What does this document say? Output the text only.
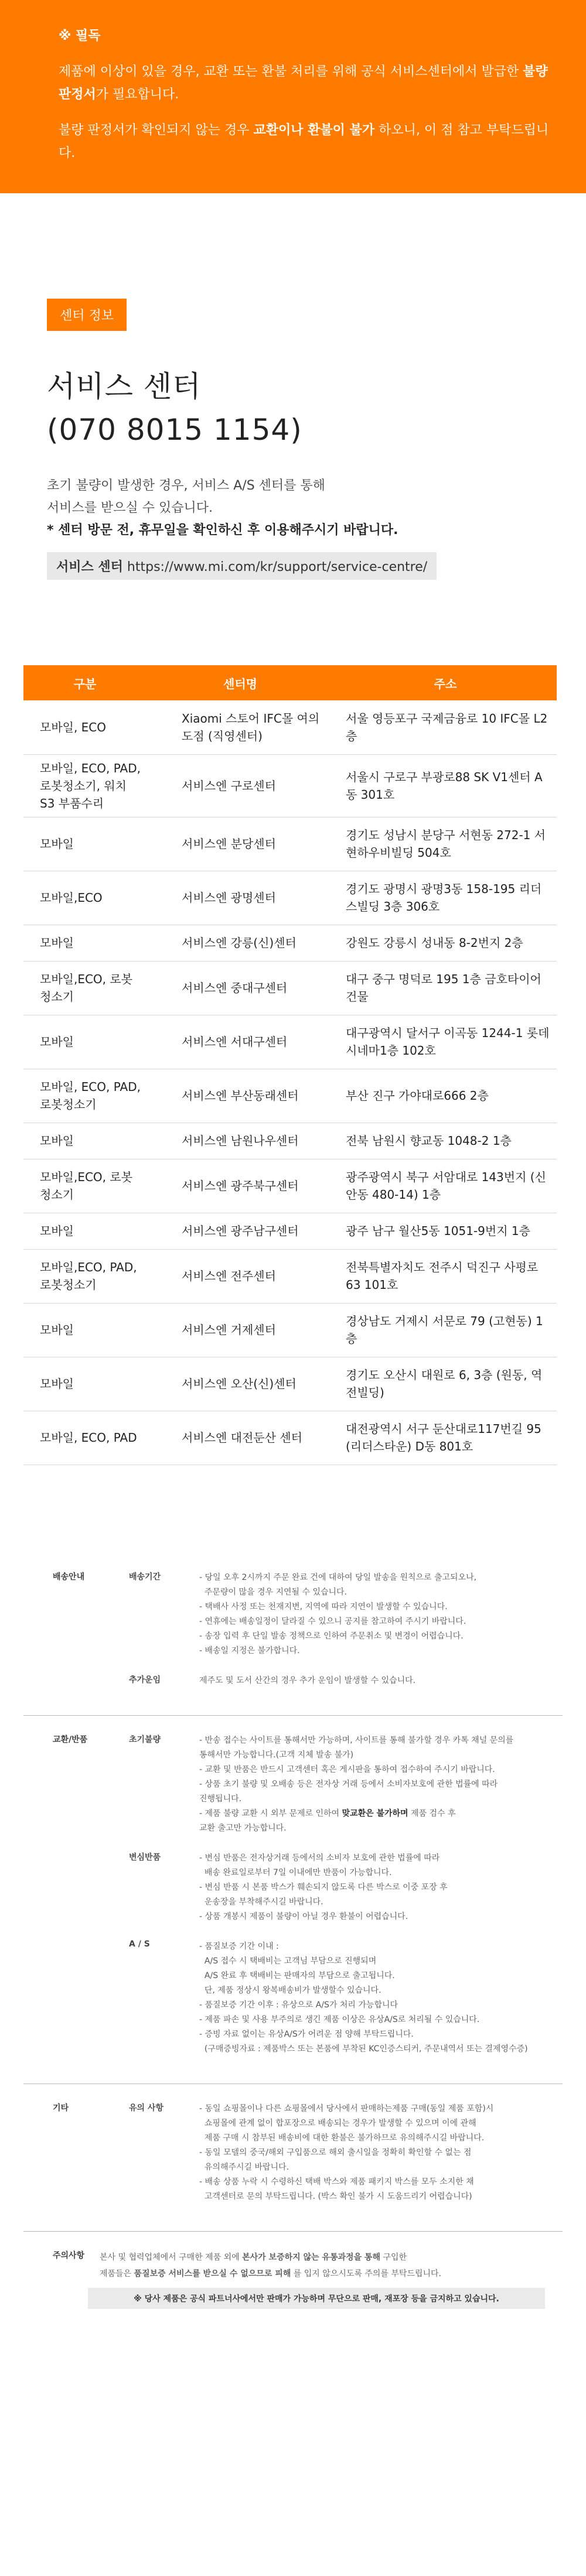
※ 필독

제품에 이상이 있을 경우, 교환 또는 환불 처리를 위해 공식 서비스센터에서 발급한 불량 판정서가 필요합니다.

불량 판정서가 확인되지 않는 경우 교환이나 환불이 불가 하오니, 이 점 참고 부탁드립니다.

센터 정보
서비스 센터
(070 8015 1154)
초기 불량이 발생한 경우, 서비스 A/S 센터를 통해
서비스를 받으실 수 있습니다.
* 센터 방문 전, 휴무일을 확인하신 후 이용해주시기 바랍니다.
서비스 센터 https://www.mi.com/kr/support/service-centre/
구분	센터명	주소
모바일, ECO	Xiaomi 스토어 IFC몰 여의도점 (직영센터)	서울 영등포구 국제금융로 10 IFC몰 L2층
모바일, ECO, PAD, 로봇청소기, 워치S3 부품수리	서비스엔 구로센터	서울시 구로구 부광로88 SK V1센터 A동 301호
모바일	서비스엔 분당센터	경기도 성남시 분당구 서현동 272-1 서현하우비빌딩 504호
모바일,ECO	서비스엔 광명센터	경기도 광명시 광명3동 158-195 리더스빌딩 3층 306호
모바일	서비스엔 강릉(신)센터	강원도 강릉시 성내동 8-2번지 2층
모바일,ECO, 로봇청소기	서비스엔 중대구센터	대구 중구 명덕로 195 1층 금호타이어 건물
모바일	서비스엔 서대구센터	대구광역시 달서구 이곡동 1244-1 롯데시네마1층 102호
모바일, ECO, PAD, 로봇청소기	서비스엔 부산동래센터	부산 진구 가야대로666 2층
모바일	서비스엔 남원나우센터	전북 남원시 향교동 1048-2 1층
모바일,ECO, 로봇청소기	서비스엔 광주북구센터	광주광역시 북구 서암대로 143번지 (신안동 480-14) 1층
모바일	서비스엔 광주남구센터	광주 남구 월산5동 1051-9번지 1층
모바일,ECO, PAD, 로봇청소기	서비스엔 전주센터	전북특별자치도 전주시 덕진구 사평로 63 101호
모바일	서비스엔 거제센터	경상남도 거제시 서문로 79 (고현동) 1층
모바일	서비스엔 오산(신)센터	경기도 오산시 대원로 6, 3층 (원동, 역전빌딩)
모바일, ECO, PAD	서비스엔 대전둔산 센터	대전광역시 서구 둔산대로117번길 95 (리더스타운) D동 801호
배송안내	배송기간	- 당일 오후 2시까지 주문 완료 건에 대하여 당일 발송을 원칙으로 출고되오나,
주문량이 많을 경우 지연될 수 있습니다.
- 택배사 사정 또는 천재지변, 지역에 따라 지연이 발생할 수 있습니다.
- 연휴에는 배송일정이 달라질 수 있으니 공지를 참고하여 주시기 바랍니다.
- 송장 입력 후 단일 발송 정책으로 인하여 주문취소 및 변경이 어렵습니다.
- 배송일 지정은 불가합니다.
추가운임	제주도 및 도서 산간의 경우 추가 운임이 발생할 수 있습니다.
교환/반품	초기불량	- 반송 접수는 사이트를 통해서만 가능하며, 사이트를 통해 불가할 경우 카톡 채널 문의를
통해서만 가능합니다.(고객 지체 발송 불가)
- 교환 및 반품은 반드시 고객센터 혹은 게시판을 통하여 접수하여 주시기 바랍니다.
- 상품 초기 불량 및 오배송 등은 전자상 거래 등에서 소비자보호에 관한 법률에 따라
진행됩니다.
- 제품 불량 교환 시 외부 문제로 인하여 맞교환은 불가하며 제품 검수 후
교환 출고만 가능합니다.
변심반품	- 변심 반품은 전자상거래 등에서의 소비자 보호에 관한 법률에 따라
배송 완료일로부터 7일 이내에만 반품이 가능합니다.
- 변심 반품 시 본품 박스가 훼손되지 않도록 다른 박스로 이중 포장 후
운송장을 부착해주시길 바랍니다.
- 상품 개봉시 제품이 불량이 아닐 경우 환불이 어렵습니다.
A / S	- 품질보증 기간 이내 :
A/S 접수 시 택배비는 고객님 부담으로 진행되며
A/S 완료 후 택배비는 판매자의 부담으로 출고됩니다.
단, 제품 정상시 왕복배송비가 발생할수 있습니다.
- 품질보증 기간 이후 : 유상으로 A/S가 처리 가능합니다
- 제품 파손 및 사용 부주의로 생긴 제품 이상은 유상A/S로 처리될 수 있습니다.
- 증빙 자료 없이는 유상A/S가 어려운 점 양해 부탁드립니다.
(구매증빙자료 : 제품박스 또는 본품에 부착된 KC인증스티커, 주문내역서 또는 결제영수증)
기타	유의 사항	- 동일 쇼핑몰이나 다른 쇼핑몰에서 당사에서 판매하는제품 구매(동일 제품 포함)시
쇼핑몰에 관계 없이 합포장으로 배송되는 경우가 발생할 수 있으며 이에 관해
제품 구매 시 참부된 배송비에 대한 환불은 불가하므로 유의해주시길 바랍니다.
- 동일 모델의 중국/해외 구입품으로 해외 출시일을 정확히 확인할 수 없는 점
유의해주시길 바랍니다.
- 배송 상품 누락 시 수령하신 택배 박스와 제품 패키지 박스를 모두 소지한 채
고객센터로 문의 부탁드립니다. (박스 확인 불가 시 도움드리기 어렵습니다)
주의사항	본사 및 협력업체에서 구매한 제품 외에 본사가 보증하지 않는 유통과정을 통해 구입한
제품들은 품질보증 서비스를 받으실 수 없으므로 피해 를 입지 않으시도록 주의를 부탁드립니다.
※ 당사 제품은 공식 파트너사에서만 판매가 가능하며 무단으로 판매, 재포장 등을 금지하고 있습니다.
